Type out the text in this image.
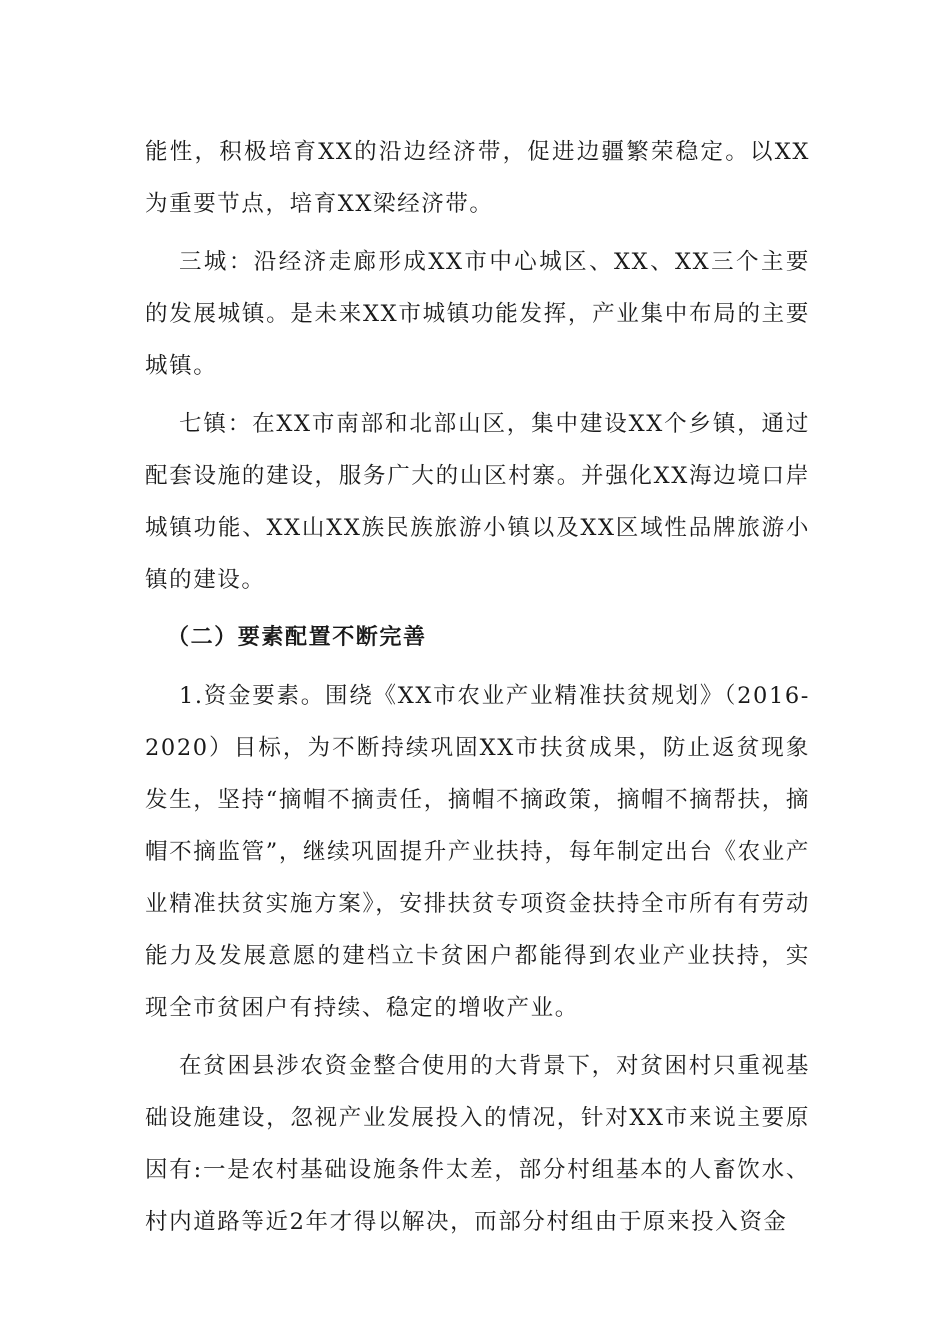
能性，积极培育XX的沿边经济带，促进边疆繁荣稳定。以XX为重要节点，培育XX梁经济带。

三城：沿经济走廊形成XX市中心城区、XX、XX三个主要的发展城镇。是未来XX市城镇功能发挥，产业集中布局的主要城镇。

七镇：在XX市南部和北部山区，集中建设XX个乡镇，通过配套设施的建设，服务广大的山区村寨。并强化XX海边境口岸城镇功能、XX山XX族民族旅游小镇以及XX区域性品牌旅游小镇的建设。

（二）要素配置不断完善

1.资金要素。围绕《XX市农业产业精准扶贫规划》（2016-2020）目标，为不断持续巩固XX市扶贫成果，防止返贫现象发生，坚持“摘帽不摘责任，摘帽不摘政策，摘帽不摘帮扶，摘帽不摘监管”，继续巩固提升产业扶持，每年制定出台《农业产业精准扶贫实施方案》，安排扶贫专项资金扶持全市所有有劳动能力及发展意愿的建档立卡贫困户都能得到农业产业扶持，实现全市贫困户有持续、稳定的增收产业。

在贫困县涉农资金整合使用的大背景下，对贫困村只重视基础设施建设，忽视产业发展投入的情况，针对XX市来说主要原因有:一是农村基础设施条件太差，部分村组基本的人畜饮水、村内道路等近2年才得以解决，而部分村组由于原来投入资金
